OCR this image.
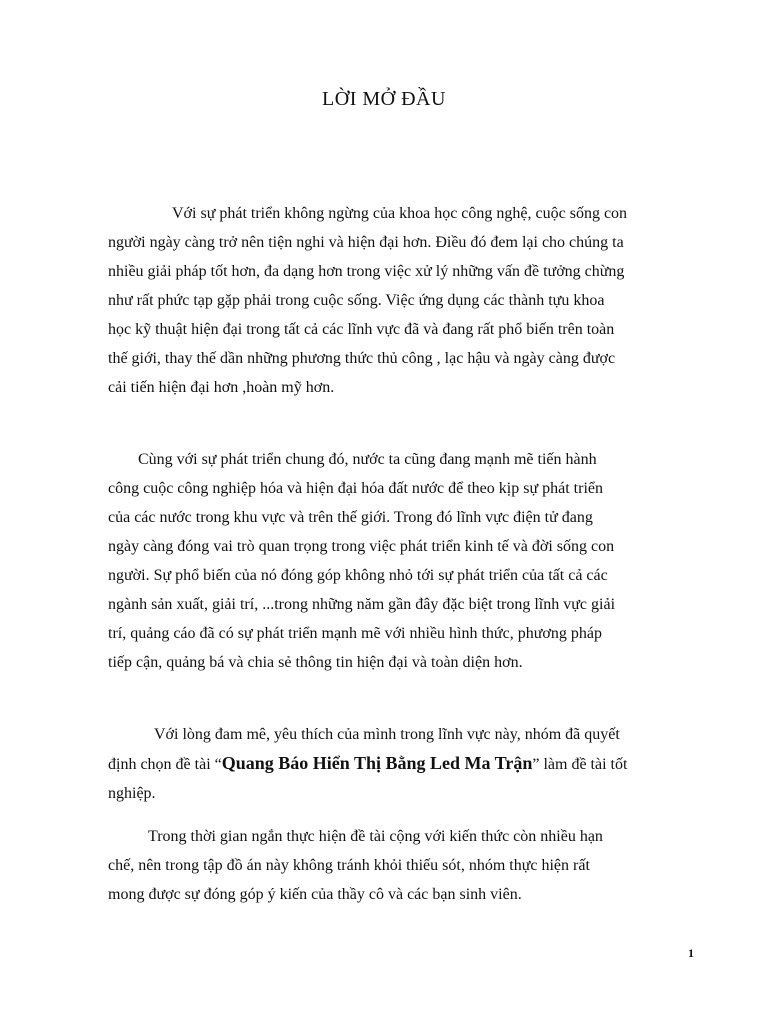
LỜI MỞ ĐẦU

Với sự phát triển không ngừng của khoa học công nghệ, cuộc sống con
người ngày càng trở nên tiện nghi và hiện đại hơn. Điều đó đem lại cho chúng ta
nhiều giải pháp tốt hơn, đa dạng hơn trong việc xử lý những vấn đề tưởng chừng
như rất phức tạp gặp phải trong cuộc sống. Việc ứng dụng các thành tựu khoa
học kỹ thuật hiện đại trong tất cả các lĩnh vực đã và đang rất phổ biến trên toàn
thế giới, thay thế dần những phương thức thủ công , lạc hậu và ngày càng được
cải tiến hiện đại hơn ,hoàn mỹ hơn.

Cùng với sự phát triển chung đó, nước ta cũng đang mạnh mẽ tiến hành
công cuộc công nghiệp hóa và hiện đại hóa đất nước để theo kịp sự phát triển
của các nước trong khu vực và trên thế giới. Trong đó lĩnh vực điện tử đang
ngày càng đóng vai trò quan trọng trong việc phát triển kinh tế và đời sống con
người. Sự phổ biến của nó đóng góp không nhỏ tới sự phát triển của tất cả các
ngành sản xuất, giải trí, ...trong những năm gần đây đặc biệt trong lĩnh vực giải
trí, quảng cáo đã có sự phát triển mạnh mẽ với nhiều hình thức, phương pháp
tiếp cận, quảng bá và chia sẻ thông tin hiện đại và toàn diện hơn.

Với lòng đam mê, yêu thích của mình trong lĩnh vực này, nhóm đã quyết
định chọn đề tài “Quang Báo Hiển Thị Bằng Led Ma Trận” làm đề tài tốt
nghiệp.

Trong thời gian ngắn thực hiện đề tài cộng với kiến thức còn nhiều hạn
chế, nên trong tập đồ án này không tránh khỏi thiếu sót, nhóm thực hiện rất
mong được sự đóng góp ý kiến của thầy cô và các bạn sinh viên.

1
